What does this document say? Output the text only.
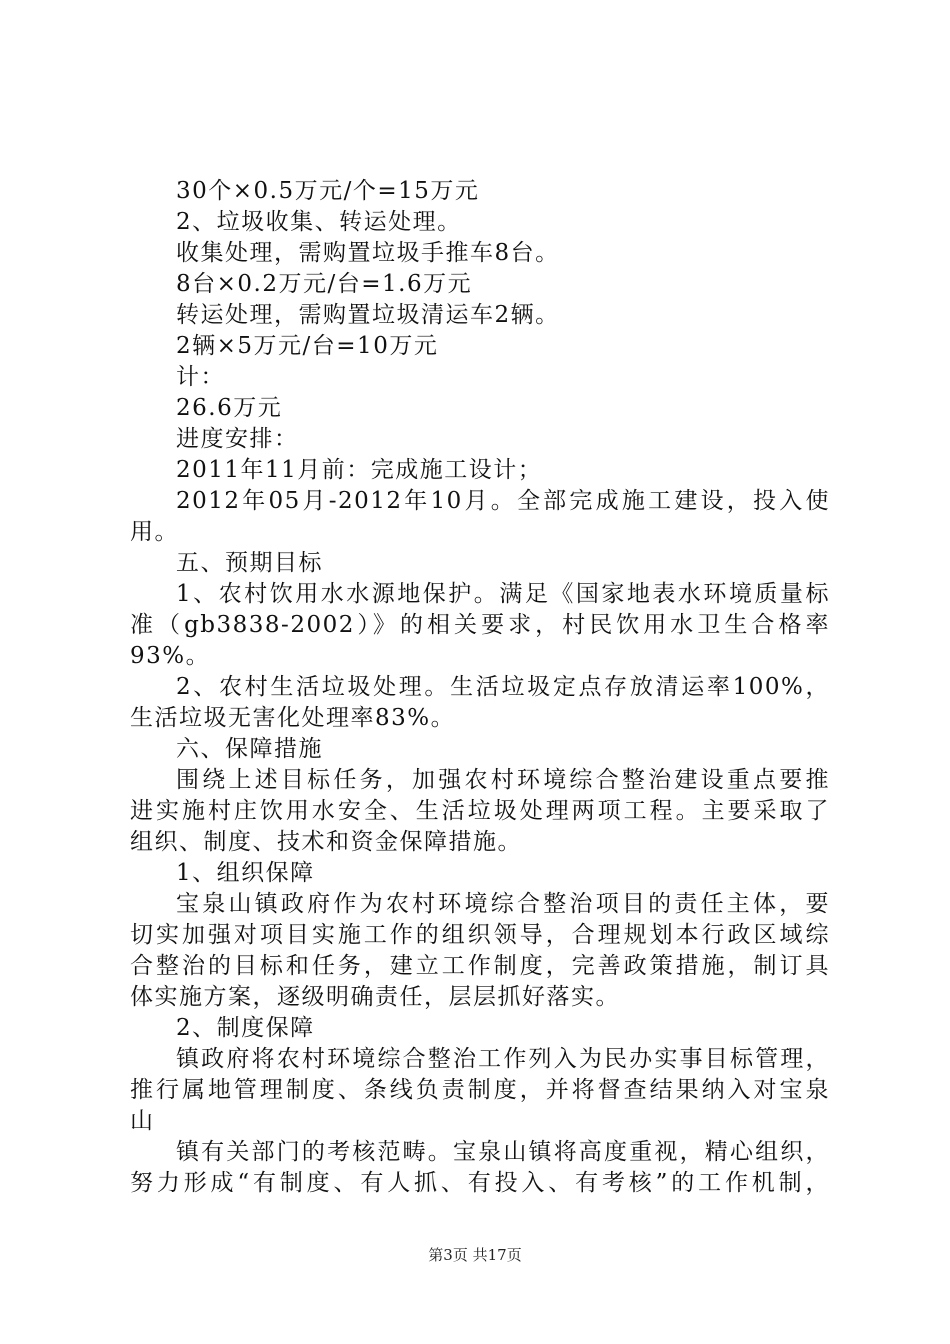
30个×0.5万元/个=15万元
2、垃圾收集、转运处理。
收集处理，需购置垃圾手推车8台。
8台×0.2万元/台=1.6万元
转运处理，需购置垃圾清运车2辆。
2辆×5万元/台=10万元
计：
26.6万元
进度安排：
2011年11月前：完成施工设计；
2012年05月-2012年10月。全部完成施工建设，投入使
用。
五、预期目标
1、农村饮用水水源地保护。满足《国家地表水环境质量标
准（gb3838-2002）》的相关要求，村民饮用水卫生合格率
93%。
2、农村生活垃圾处理。生活垃圾定点存放清运率100%，
生活垃圾无害化处理率83%。
六、保障措施
围绕上述目标任务，加强农村环境综合整治建设重点要推
进实施村庄饮用水安全、生活垃圾处理两项工程。主要采取了
组织、制度、技术和资金保障措施。
1、组织保障
宝泉山镇政府作为农村环境综合整治项目的责任主体，要
切实加强对项目实施工作的组织领导，合理规划本行政区域综
合整治的目标和任务，建立工作制度，完善政策措施，制订具
体实施方案，逐级明确责任，层层抓好落实。
2、制度保障
镇政府将农村环境综合整治工作列入为民办实事目标管理，
推行属地管理制度、条线负责制度，并将督查结果纳入对宝泉
山
镇有关部门的考核范畴。宝泉山镇将高度重视，精心组织，
努力形成“有制度、有人抓、有投入、有考核”的工作机制，
第3页 共17页
